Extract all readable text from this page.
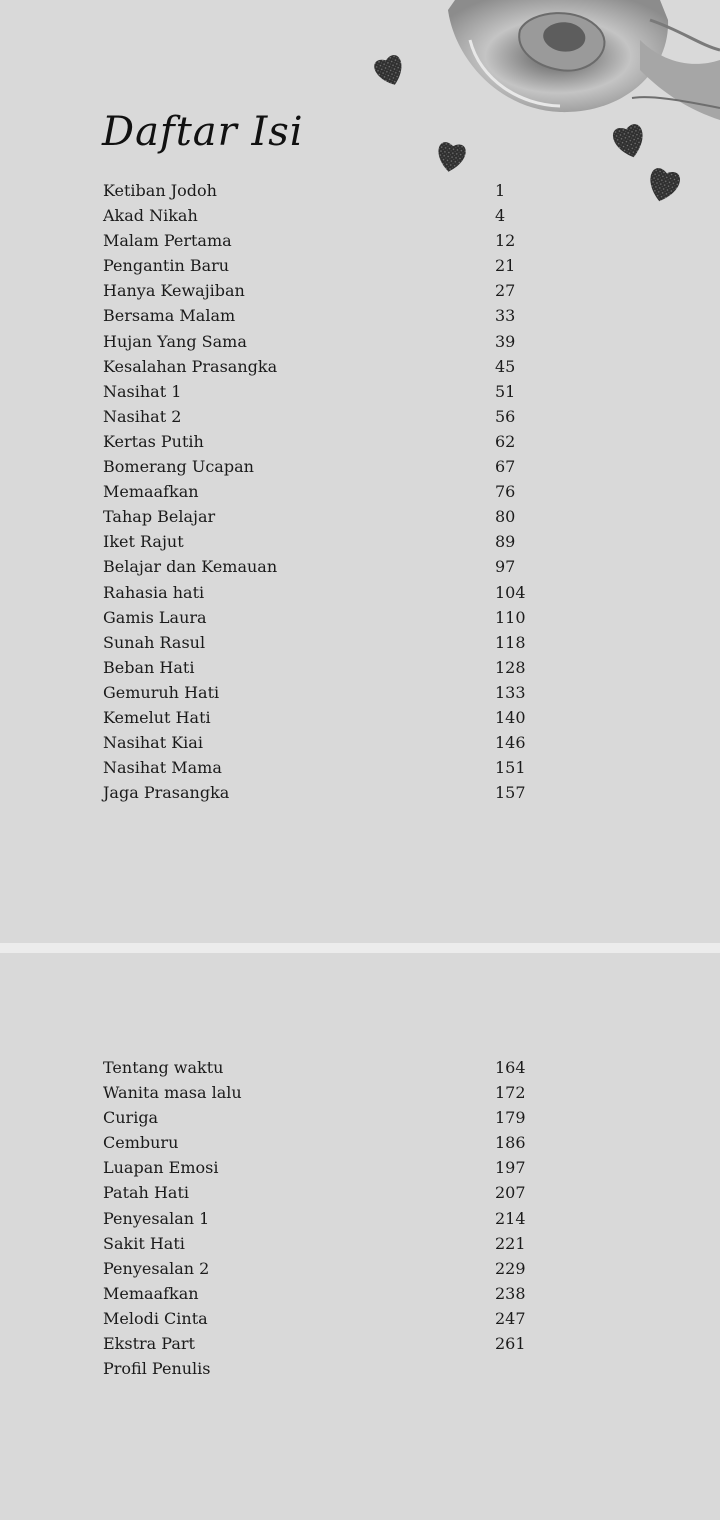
Daftar Isi
Ketiban Jodoh	1
Akad Nikah	4
Malam Pertama	12
Pengantin Baru	21
Hanya Kewajiban	27
Bersama Malam	33
Hujan Yang Sama	39
Kesalahan Prasangka	45
Nasihat 1	51
Nasihat 2	56
Kertas Putih	62
Bomerang Ucapan	67
Memaafkan	76
Tahap Belajar	80
Iket Rajut	89
Belajar dan Kemauan	97
Rahasia hati	104
Gamis Laura	110
Sunah Rasul	118
Beban Hati	128
Gemuruh Hati	133
Kemelut Hati	140
Nasihat Kiai	146
Nasihat Mama	151
Jaga Prasangka	157
Tentang waktu	164
Wanita masa lalu	172
Curiga	179
Cemburu	186
Luapan Emosi	197
Patah Hati	207
Penyesalan 1	214
Sakit Hati	221
Penyesalan 2	229
Memaafkan	238
Melodi Cinta	247
Ekstra Part	261
Profil Penulis
